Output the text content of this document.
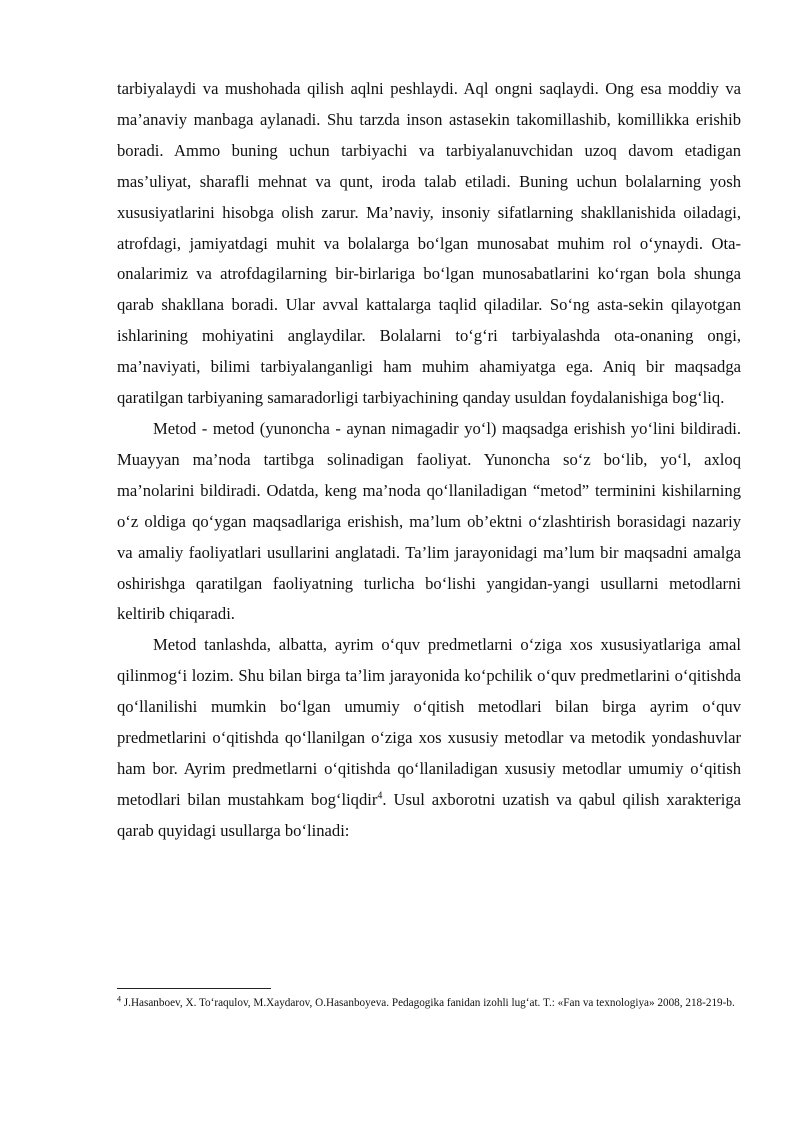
tarbiyalaydi va mushohada qilish aqlni peshlaydi. Aql ongni saqlaydi. Ong esa moddiy va ma’anaviy manbaga aylanadi. Shu tarzda inson astasekin takomillashib, komillikka erishib boradi. Ammo buning uchun tarbiyachi va tarbiyalanuvchidan uzoq davom etadigan mas’uliyat, sharafli mehnat va qunt, iroda talab etiladi. Buning uchun bolalarning yosh xususiyatlarini hisobga olish zarur. Ma’naviy, insoniy sifatlarning shakllanishida oiladagi, atrofdagi, jamiyatdagi muhit va bolalarga bo‘lgan munosabat muhim rol o‘ynaydi. Ota-onalarimiz va atrofdagilarning bir-birlariga bo‘lgan munosabatlarini ko‘rgan bola shunga qarab shakllana boradi. Ular avval kattalarga taqlid qiladilar. So‘ng asta-sekin qilayotgan ishlarining mohiyatini anglaydilar. Bolalarni to‘g‘ri tarbiyalashda ota-onaning ongi, ma’naviyati, bilimi tarbiyalanganligi ham muhim ahamiyatga ega. Aniq bir maqsadga qaratilgan tarbiyaning samaradorligi tarbiyachining qanday usuldan foydalanishiga bog‘liq.

Metod - metod (yunoncha - aynan nimagadir yo‘l) maqsadga erishish yo‘lini bildiradi. Muayyan ma’noda tartibga solinadigan faoliyat. Yunoncha so‘z bo‘lib, yo‘l, axloq ma’nolarini bildiradi. Odatda, keng ma’noda qo‘llaniladigan “metod” terminini kishilarning o‘z oldiga qo‘ygan maqsadlariga erishish, ma’lum ob’ektni o‘zlashtirish borasidagi nazariy va amaliy faoliyatlari usullarini anglatadi. Ta’lim jarayonidagi ma’lum bir maqsadni amalga oshirishga qaratilgan faoliyatning turlicha bo‘lishi yangidan-yangi usullarni metodlarni keltirib chiqaradi.

Metod tanlashda, albatta, ayrim o‘quv predmetlarni o‘ziga xos xususiyatlariga amal qilinmog‘i lozim. Shu bilan birga ta’lim jarayonida ko‘pchilik o‘quv predmetlarini o‘qitishda qo‘llanilishi mumkin bo‘lgan umumiy o‘qitish metodlari bilan birga ayrim o‘quv predmetlarini o‘qitishda qo‘llanilgan o‘ziga xos xususiy metodlar va metodik yondashuvlar ham bor. Ayrim predmetlarni o‘qitishda qo‘llaniladigan xususiy metodlar umumiy o‘qitish metodlari bilan mustahkam bog‘liqdir$^4$. Usul axborotni uzatish va qabul qilish xarakteriga qarab quyidagi usullarga bo‘linadi:

$^4$ J.Hasanboev, X. To‘raqulov, M.Xaydarov, O.Hasanboyeva. Pedagogika fanidan izohli lug‘at. T.: «Fan va texnologiya» 2008, 218-219-b.
